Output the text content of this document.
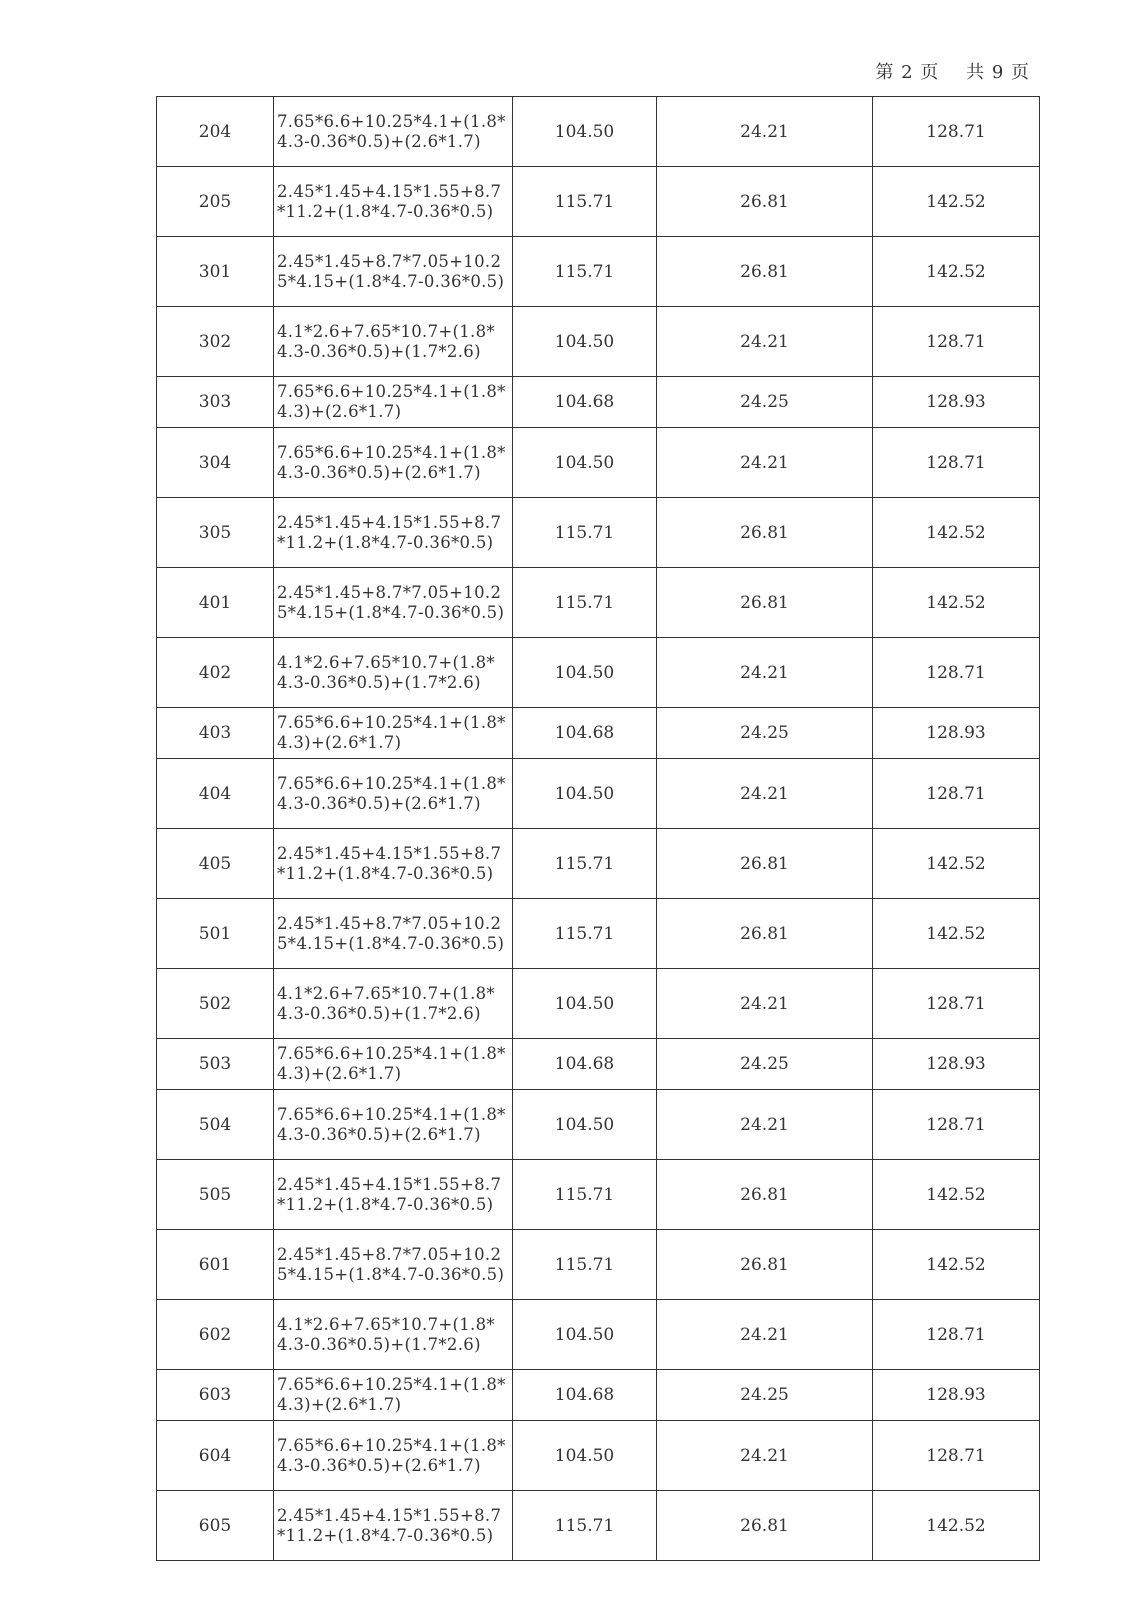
第 2 页 共 9 页
204	7.65*6.6+10.25*4.1+(1.8*4.3-0.36*0.5)+(2.6*1.7)	104.50	24.21	128.71
205	2.45*1.45+4.15*1.55+8.7*11.2+(1.8*4.7-0.36*0.5)	115.71	26.81	142.52
301	2.45*1.45+8.7*7.05+10.25*4.15+(1.8*4.7-0.36*0.5)	115.71	26.81	142.52
302	4.1*2.6+7.65*10.7+(1.8*4.3-0.36*0.5)+(1.7*2.6)	104.50	24.21	128.71
303	7.65*6.6+10.25*4.1+(1.8*4.3)+(2.6*1.7)	104.68	24.25	128.93
304	7.65*6.6+10.25*4.1+(1.8*4.3-0.36*0.5)+(2.6*1.7)	104.50	24.21	128.71
305	2.45*1.45+4.15*1.55+8.7*11.2+(1.8*4.7-0.36*0.5)	115.71	26.81	142.52
401	2.45*1.45+8.7*7.05+10.25*4.15+(1.8*4.7-0.36*0.5)	115.71	26.81	142.52
402	4.1*2.6+7.65*10.7+(1.8*4.3-0.36*0.5)+(1.7*2.6)	104.50	24.21	128.71
403	7.65*6.6+10.25*4.1+(1.8*4.3)+(2.6*1.7)	104.68	24.25	128.93
404	7.65*6.6+10.25*4.1+(1.8*4.3-0.36*0.5)+(2.6*1.7)	104.50	24.21	128.71
405	2.45*1.45+4.15*1.55+8.7*11.2+(1.8*4.7-0.36*0.5)	115.71	26.81	142.52
501	2.45*1.45+8.7*7.05+10.25*4.15+(1.8*4.7-0.36*0.5)	115.71	26.81	142.52
502	4.1*2.6+7.65*10.7+(1.8*4.3-0.36*0.5)+(1.7*2.6)	104.50	24.21	128.71
503	7.65*6.6+10.25*4.1+(1.8*4.3)+(2.6*1.7)	104.68	24.25	128.93
504	7.65*6.6+10.25*4.1+(1.8*4.3-0.36*0.5)+(2.6*1.7)	104.50	24.21	128.71
505	2.45*1.45+4.15*1.55+8.7*11.2+(1.8*4.7-0.36*0.5)	115.71	26.81	142.52
601	2.45*1.45+8.7*7.05+10.25*4.15+(1.8*4.7-0.36*0.5)	115.71	26.81	142.52
602	4.1*2.6+7.65*10.7+(1.8*4.3-0.36*0.5)+(1.7*2.6)	104.50	24.21	128.71
603	7.65*6.6+10.25*4.1+(1.8*4.3)+(2.6*1.7)	104.68	24.25	128.93
604	7.65*6.6+10.25*4.1+(1.8*4.3-0.36*0.5)+(2.6*1.7)	104.50	24.21	128.71
605	2.45*1.45+4.15*1.55+8.7*11.2+(1.8*4.7-0.36*0.5)	115.71	26.81	142.52
